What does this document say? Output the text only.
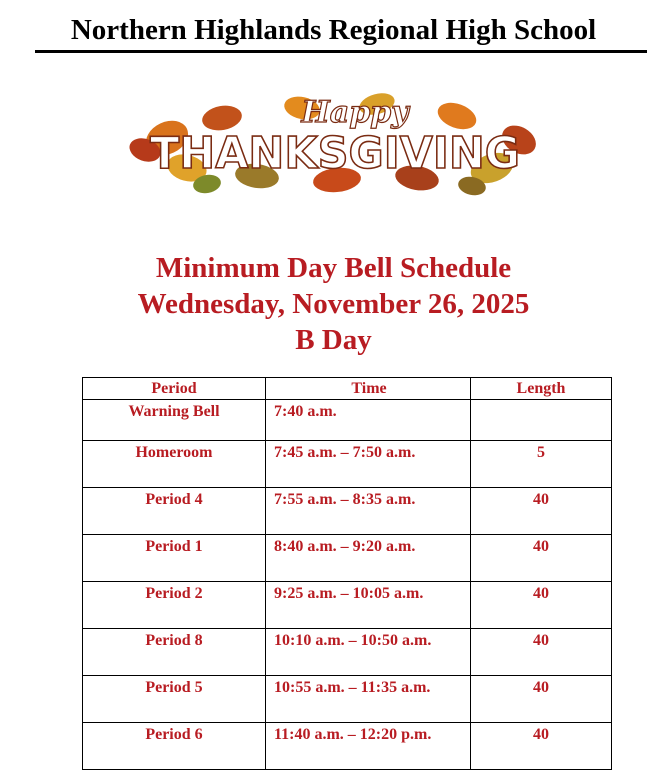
Northern Highlands Regional High School
Happy
THANKSGIVING
Minimum Day Bell Schedule
Wednesday, November 26, 2025
B Day
Period	Time	Length
Warning Bell	7:40 a.m.	
Homeroom	7:45 a.m. – 7:50 a.m.	5
Period 4	7:55 a.m. – 8:35 a.m.	40
Period 1	8:40 a.m. – 9:20 a.m.	40
Period 2	9:25 a.m. – 10:05 a.m.	40
Period 8	10:10 a.m. – 10:50 a.m.	40
Period 5	10:55 a.m. – 11:35 a.m.	40
Period 6	11:40 a.m. – 12:20 p.m.	40
